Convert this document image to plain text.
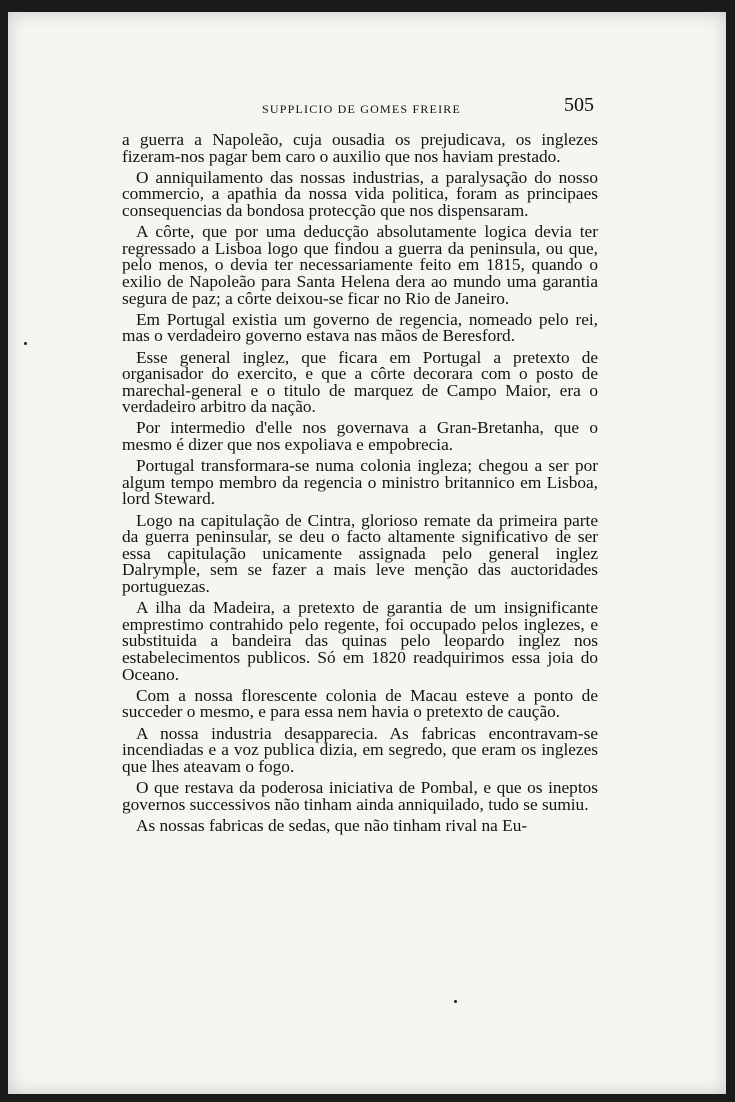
SUPPLICIO DE GOMES FREIRE	505

a guerra a Napoleão, cuja ousadia os prejudicava, os inglezes fizeram-nos pagar bem caro o auxilio que nos haviam prestado.

O anniquilamento das nossas industrias, a paralysação do nosso commercio, a apathia da nossa vida politica, foram as principaes consequencias da bondosa protecção que nos dispensaram.

A côrte, que por uma deducção absolutamente logica devia ter regressado a Lisboa logo que findou a guerra da peninsula, ou que, pelo menos, o devia ter necessariamente feito em 1815, quando o exilio de Napoleão para Santa Helena dera ao mundo uma garantia segura de paz; a côrte deixou-se ficar no Rio de Janeiro.

Em Portugal existia um governo de regencia, nomeado pelo rei, mas o verdadeiro governo estava nas mãos de Beresford.

Esse general inglez, que ficara em Portugal a pretexto de organisador do exercito, e que a côrte decorara com o posto de marechal-general e o titulo de marquez de Campo Maior, era o verdadeiro arbitro da nação.

Por intermedio d'elle nos governava a Gran-Bretanha, que o mesmo é dizer que nos expoliava e empobrecia.

Portugal transformara-se numa colonia ingleza; chegou a ser por algum tempo membro da regencia o ministro britannico em Lisboa, lord Steward.

Logo na capitulação de Cintra, glorioso remate da primeira parte da guerra peninsular, se deu o facto altamente significativo de ser essa capitulação unicamente assignada pelo general inglez Dalrymple, sem se fazer a mais leve menção das auctoridades portuguezas.

A ilha da Madeira, a pretexto de garantia de um insignificante emprestimo contrahido pelo regente, foi occupado pelos inglezes, e substituida a bandeira das quinas pelo leopardo inglez nos estabelecimentos publicos. Só em 1820 readquirimos essa joia do Oceano.

Com a nossa florescente colonia de Macau esteve a ponto de succeder o mesmo, e para essa nem havia o pretexto de caução.

A nossa industria desapparecia. As fabricas encontravam-se incendiadas e a voz publica dizia, em segredo, que eram os inglezes que lhes ateavam o fogo.

O que restava da poderosa iniciativa de Pombal, e que os ineptos governos successivos não tinham ainda anniquilado, tudo se sumiu.

As nossas fabricas de sedas, que não tinham rival na Eu-
